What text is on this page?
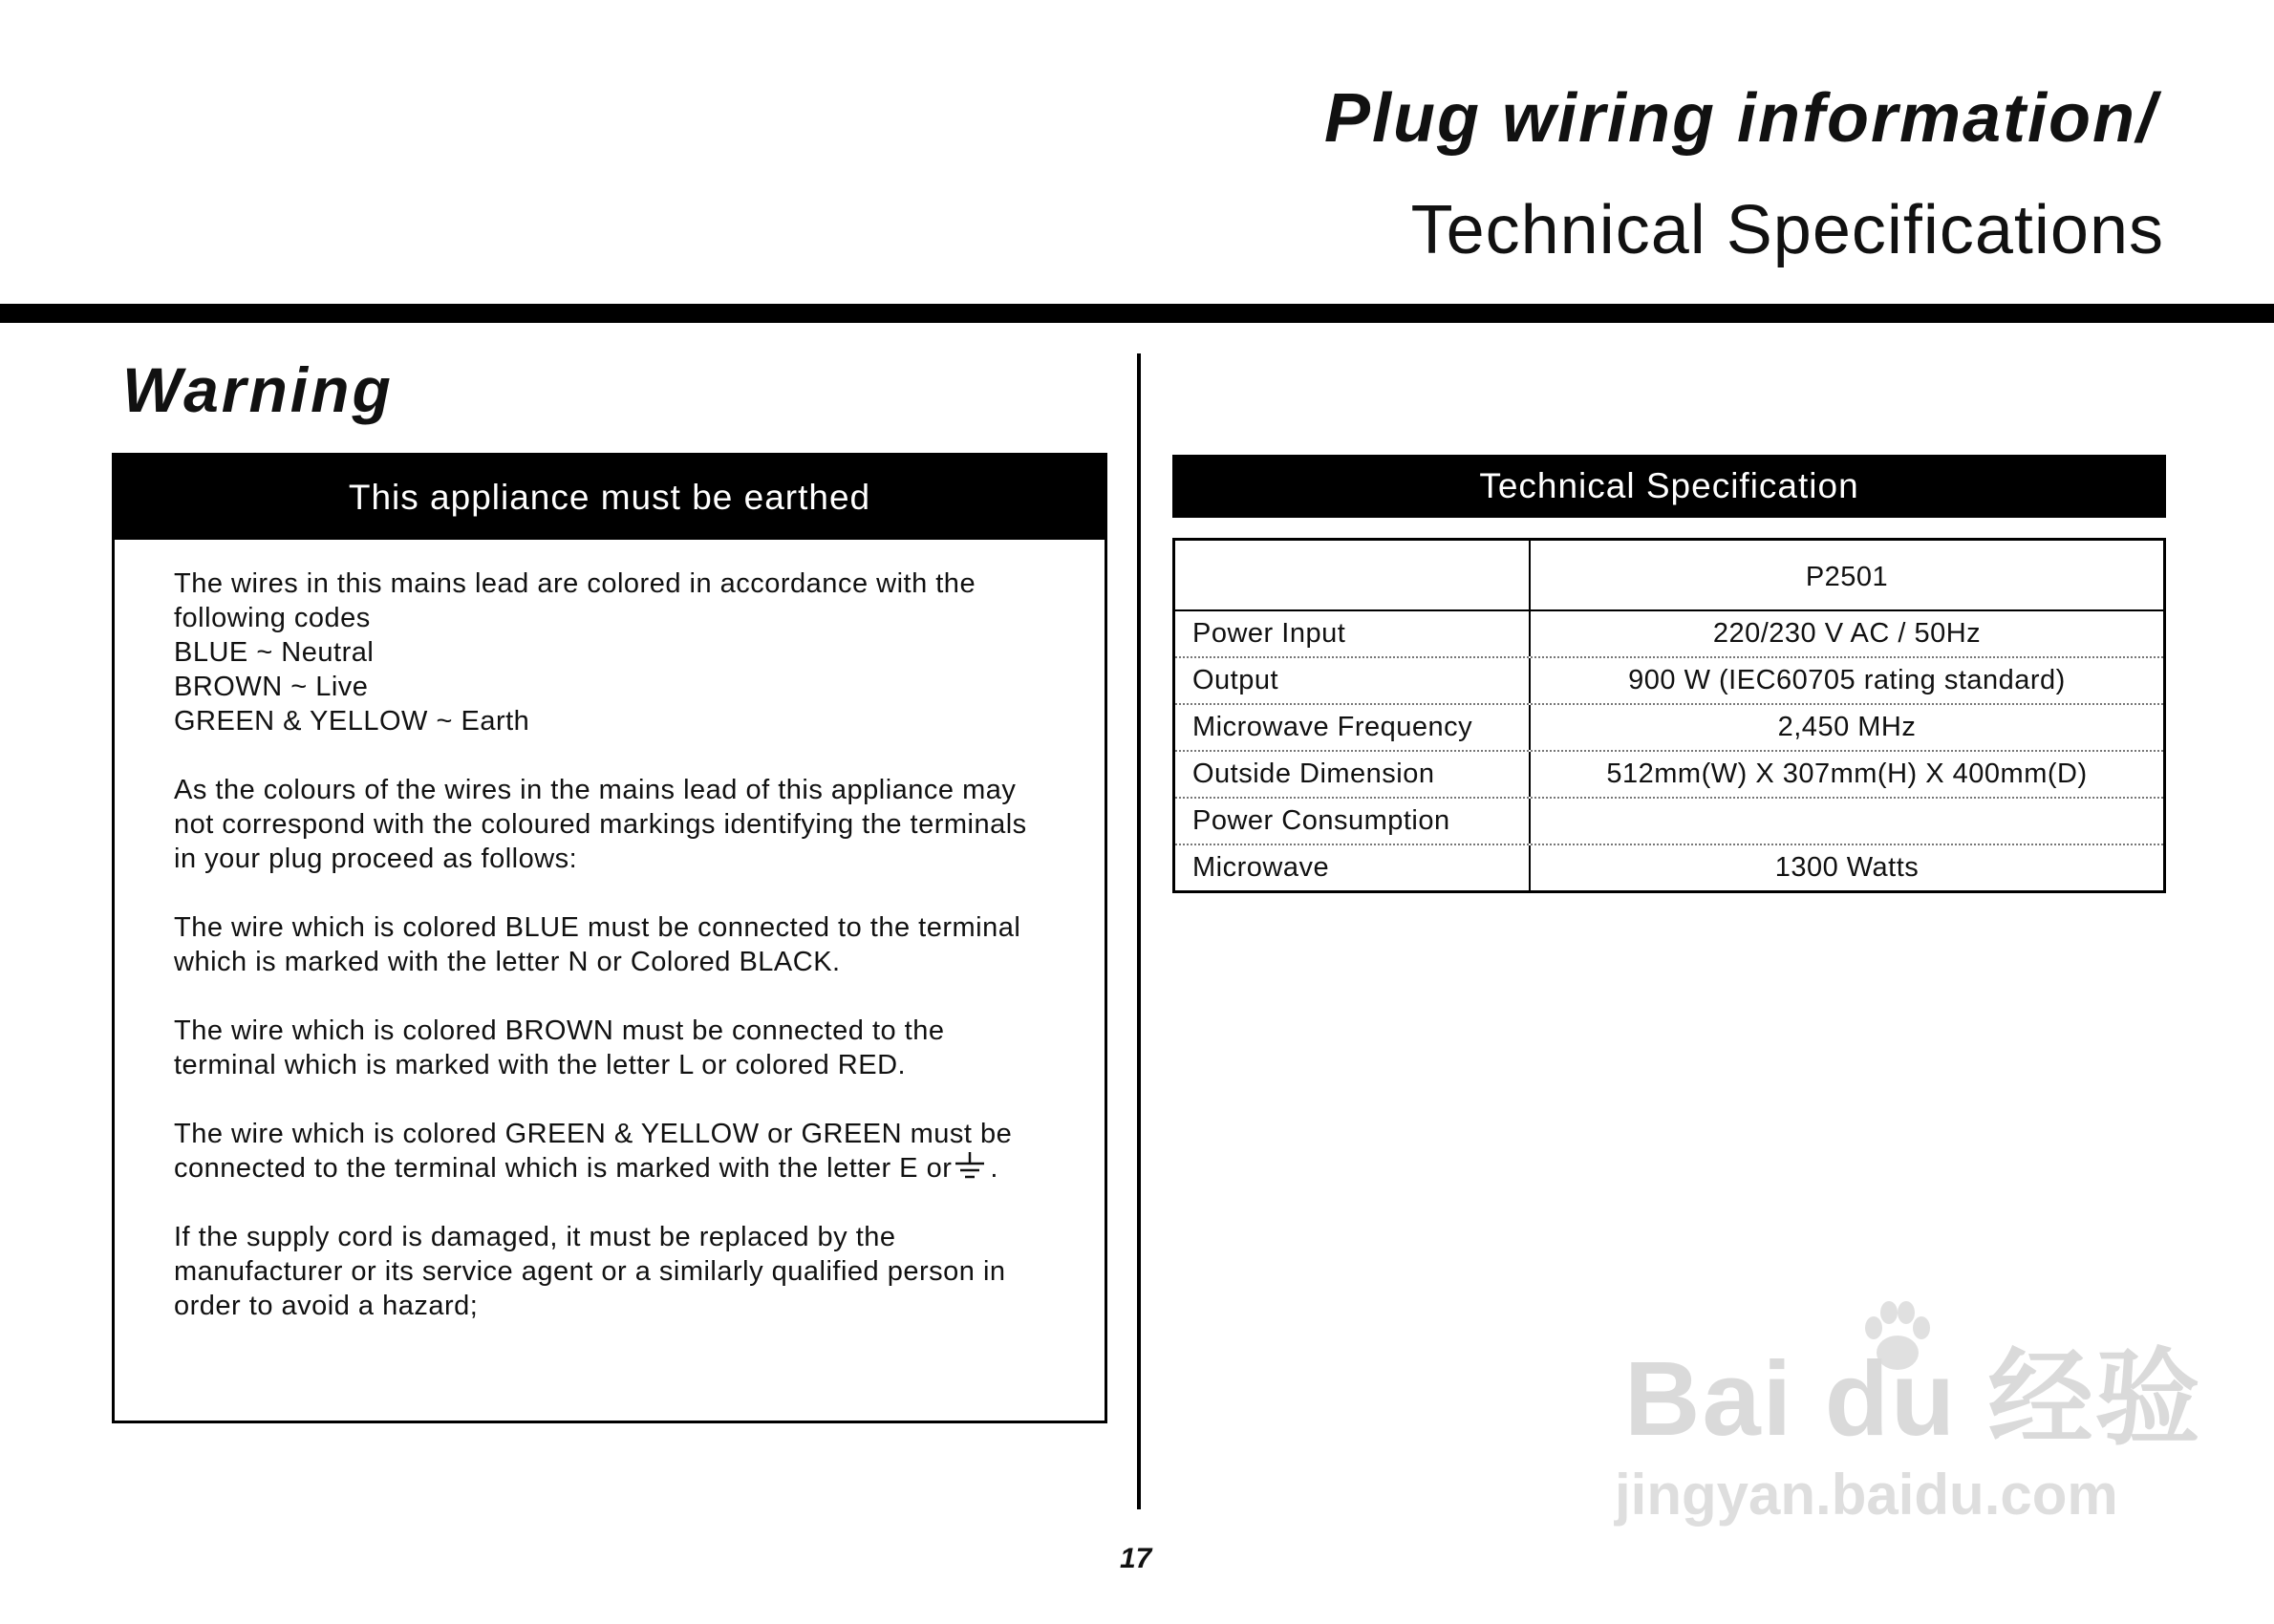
Plug wiring information/
Technical Specifications
Warning
This appliance must be earthed

The wires in this mains lead are colored in accordance with the
following codes
BLUE ~ Neutral
BROWN ~ Live
GREEN & YELLOW ~ Earth

As the colours of the wires in the mains lead of this appliance may
not correspond with the coloured markings identifying the terminals
in your plug proceed as follows:

The wire which is colored BLUE must be connected to the terminal
which is marked with the letter N or Colored BLACK.

The wire which is colored BROWN must be connected to the
terminal which is marked with the letter L or colored RED.

The wire which is colored GREEN & YELLOW or GREEN must be
connected to the terminal which is marked with the letter E or .

If the supply cord is damaged, it must be replaced by the
manufacturer or its service agent or a similarly qualified person in
order to avoid a hazard;

Technical Specification
P2501
Power Input	220/230 V AC / 50Hz
Output	900 W (IEC60705 rating standard)
Microwave Frequency	2,450 MHz
Outside Dimension	512mm(W) X 307mm(H) X 400mm(D)
Power Consumption
Microwave	1300 Watts
17
Bai du 经验
jingyan.baidu.com
